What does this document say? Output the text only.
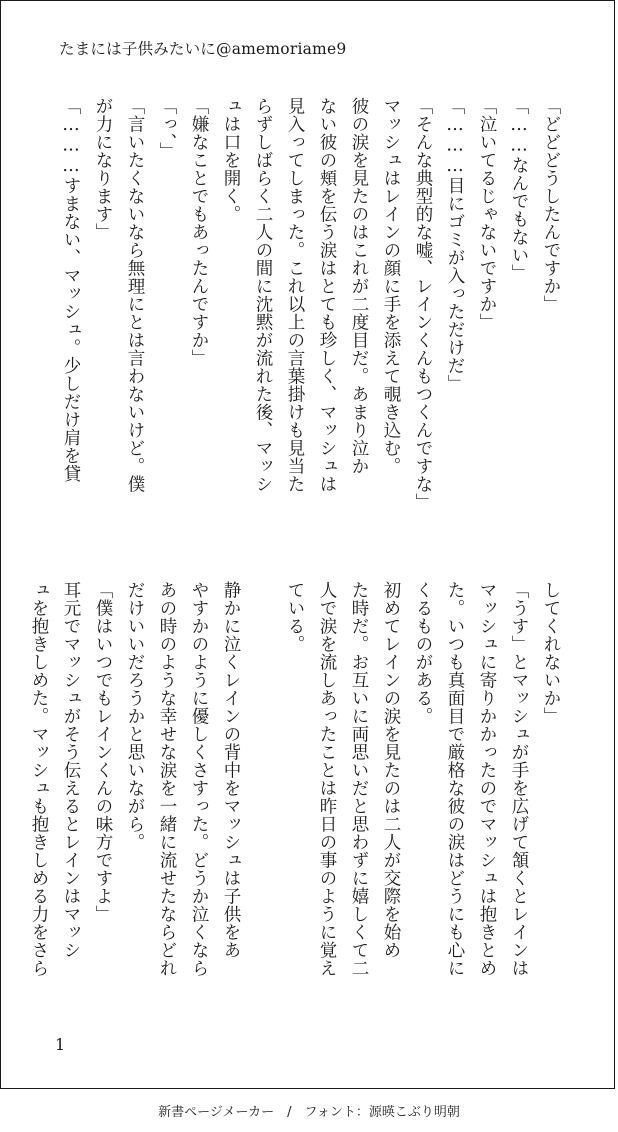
たまには子供みたいに@amemoriame9
「どどどうしたんですか」
「……なんでもない」
「泣いてるじゃないですか」
「………目にゴミが入っただけだ」
「そんな典型的な嘘、レインくんもつくんですな」
マッシュはレインの顔に手を添えて覗き込む。
彼の涙を見たのはこれが二度目だ。あまり泣か
ない彼の頬を伝う涙はとても珍しく、マッシュは
見入ってしまった。これ以上の言葉掛けも見当た
らずしばらく二人の間に沈黙が流れた後、マッシ
ュは口を開く。
「嫌なことでもあったんですか」
「っ、」
「言いたくないなら無理にとは言わないけど。僕
が力になります」
「………すまない、マッシュ。少しだけ肩を貸
してくれないか」
「うす」とマッシュが手を広げて頷くとレインは
マッシュに寄りかかったのでマッシュは抱きとめ
た。いつも真面目で厳格な彼の涙はどうにも心に
くるものがある。
初めてレインの涙を見たのは二人が交際を始め
た時だ。お互いに両思いだと思わずに嬉しくて二
人で涙を流しあったことは昨日の事のように覚え
ている。
静かに泣くレインの背中をマッシュは子供をあ
やすかのように優しくさすった。どうか泣くなら
あの時のような幸せな涙を一緒に流せたならどれ
だけいいだろうかと思いながら。
「僕はいつでもレインくんの味方ですよ」
耳元でマッシュがそう伝えるとレインはマッシ
ュを抱きしめた。マッシュも抱きしめる力をさら
1
新書ページメーカー　/　フォント：源暎こぶり明朝
